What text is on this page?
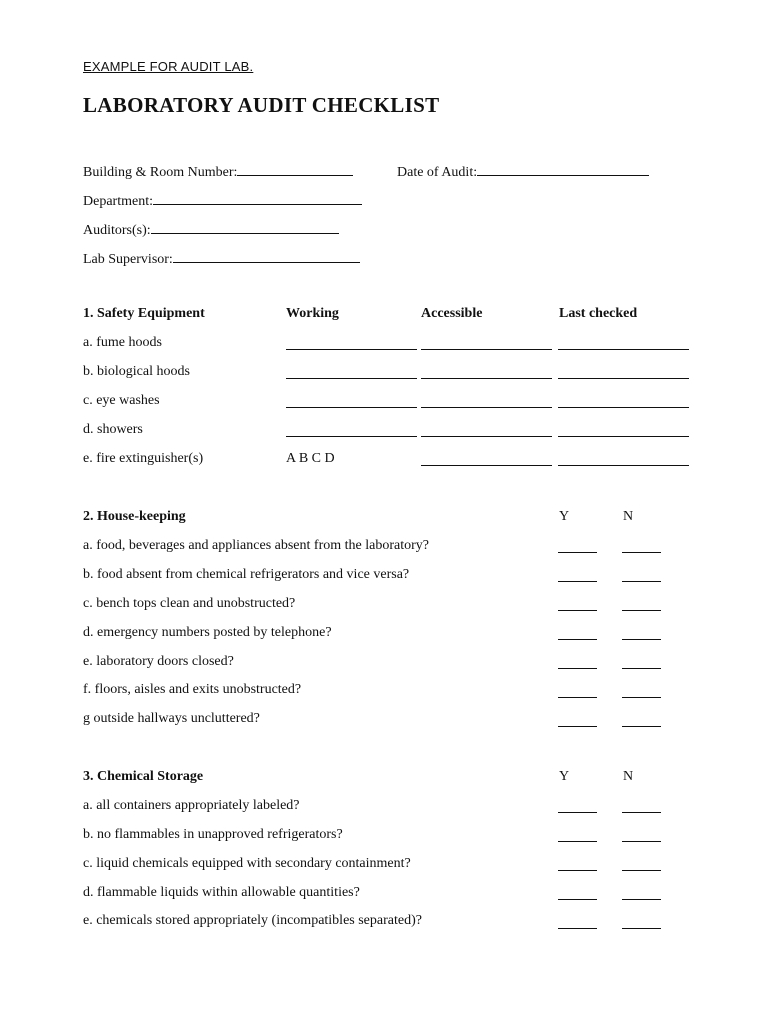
EXAMPLE FOR AUDIT LAB.
LABORATORY AUDIT CHECKLIST
Building & Room Number:	Date of Audit:
Department:
Auditors(s):
Lab Supervisor:
1. Safety Equipment	Working	Accessible	Last checked
a. fume hoods
b. biological hoods
c. eye washes
d. showers
e. fire extinguisher(s)	A B C D
2. House-keeping	Y	N
a. food, beverages and appliances absent from the laboratory?
b. food absent from chemical refrigerators and vice versa?
c. bench tops clean and unobstructed?
d. emergency numbers posted by telephone?
e. laboratory doors closed?
f. floors, aisles and exits unobstructed?
g outside hallways uncluttered?
3. Chemical Storage	Y	N
a. all containers appropriately labeled?
b. no flammables in unapproved refrigerators?
c. liquid chemicals equipped with secondary containment?
d. flammable liquids within allowable quantities?
e. chemicals stored appropriately (incompatibles separated)?
